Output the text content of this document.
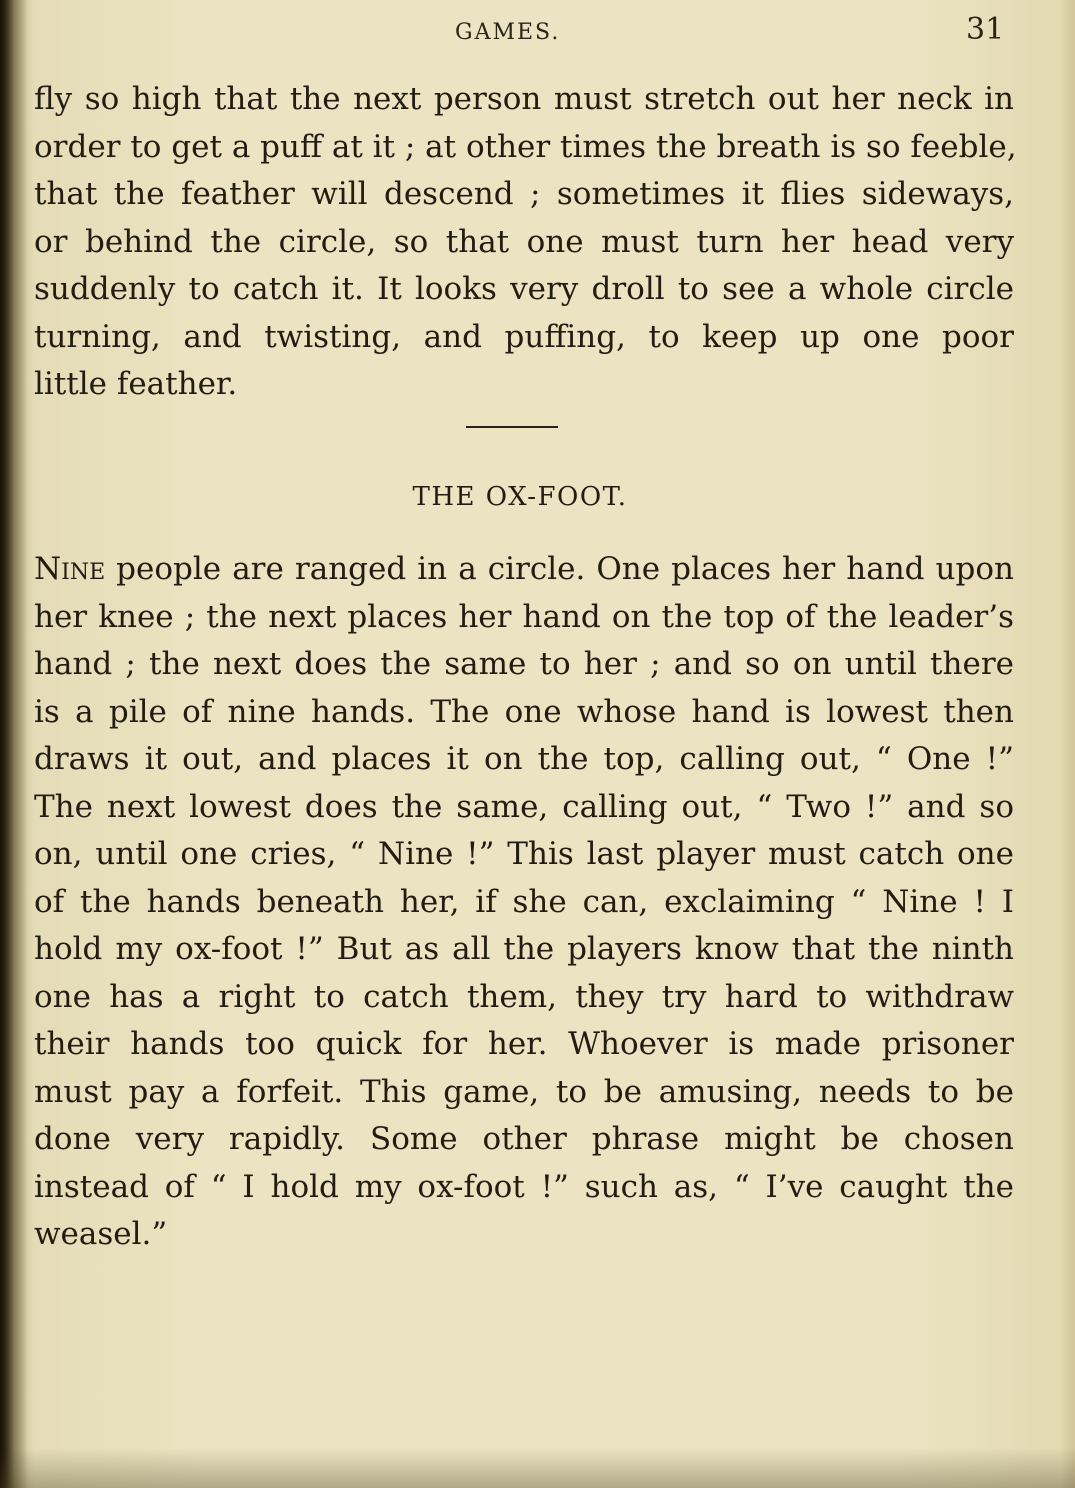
GAMES.	31
fly so high that the next person must stretch out her neck in
order to get a puff at it ; at other times the breath is so feeble,
that the feather will descend ; sometimes it flies sideways,
or behind the circle, so that one must turn her head very
suddenly to catch it. It looks very droll to see a whole circle
turning, and twisting, and puffing, to keep up one poor
little feather.
THE OX-FOOT.
Nine people are ranged in a circle. One places her hand upon
her knee ; the next places her hand on the top of the leader’s
hand ; the next does the same to her ; and so on until there
is a pile of nine hands. The one whose hand is lowest then
draws it out, and places it on the top, calling out, “ One !”
The next lowest does the same, calling out, “ Two !” and so
on, until one cries, “ Nine !” This last player must catch one
of the hands beneath her, if she can, exclaiming “ Nine ! I
hold my ox-foot !” But as all the players know that the ninth
one has a right to catch them, they try hard to withdraw
their hands too quick for her. Whoever is made prisoner
must pay a forfeit. This game, to be amusing, needs to be
done very rapidly. Some other phrase might be chosen
instead of “ I hold my ox-foot !” such as, “ I’ve caught the
weasel.”
